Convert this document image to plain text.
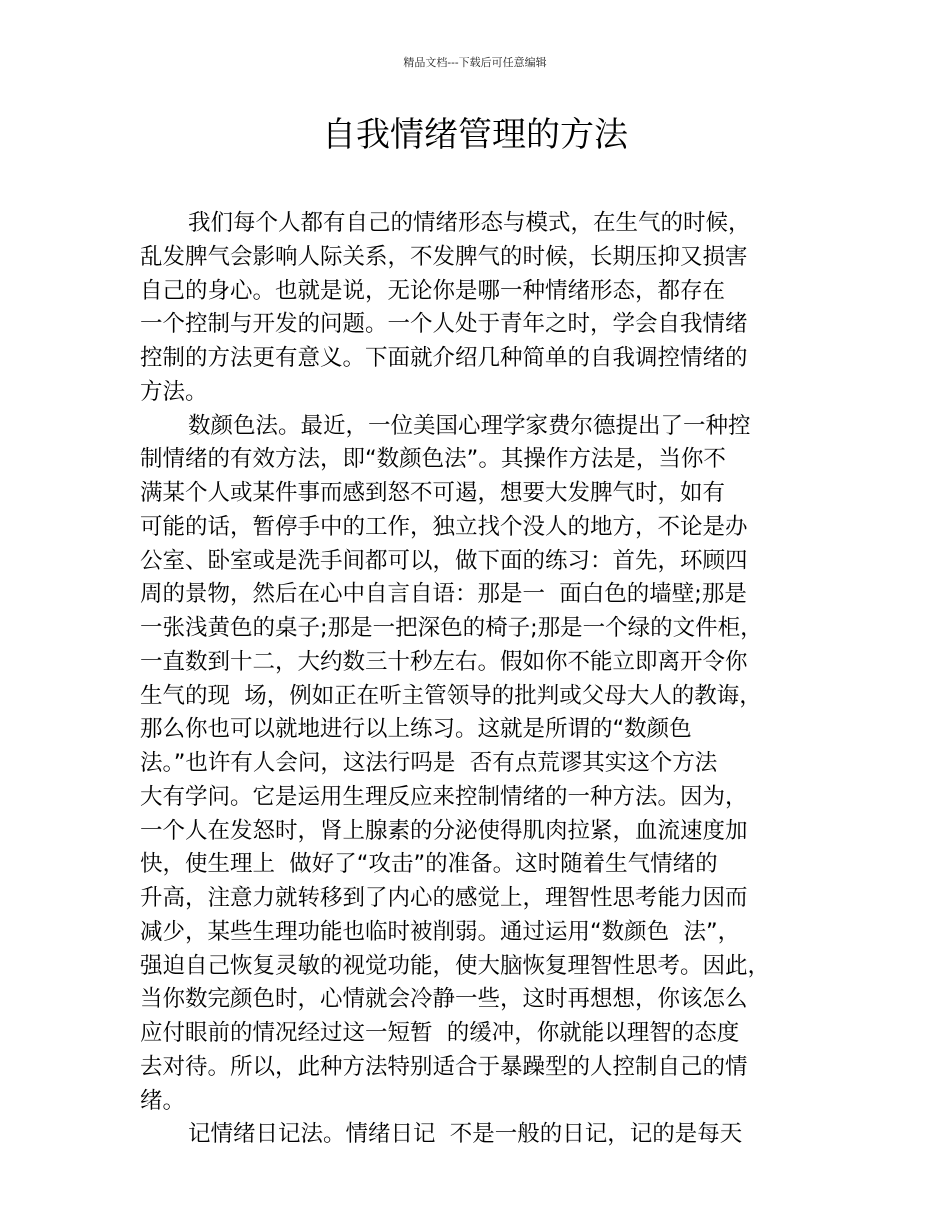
精品文档---下载后可任意编辑
自我情绪管理的方法
我们每个人都有自己的情绪形态与模式，在生气的时候，
乱发脾气会影响人际关系，不发脾气的时候，长期压抑又损害
自己的身心。也就是说，无论你是哪一种情绪形态，都存在
一个控制与开发的问题。一个人处于青年之时，学会自我情绪
控制的方法更有意义。下面就介绍几种简单的自我调控情绪的
方法。
数颜色法。最近，一位美国心理学家费尔德提出了一种控
制情绪的有效方法，即“数颜色法”。其操作方法是，当你不
满某个人或某件事而感到怒不可遏，想要大发脾气时，如有
可能的话，暂停手中的工作，独立找个没人的地方，不论是办
公室、卧室或是洗手间都可以，做下面的练习：首先，环顾四
周的景物，然后在心中自言自语：那是一  面白色的墙壁;那是
一张浅黄色的桌子;那是一把深色的椅子;那是一个绿的文件柜，
一直数到十二，大约数三十秒左右。假如你不能立即离开令你
生气的现  场，例如正在听主管领导的批判或父母大人的教诲，
那么你也可以就地进行以上练习。这就是所谓的“数颜色
法。”也许有人会问，这法行吗是  否有点荒谬其实这个方法
大有学问。它是运用生理反应来控制情绪的一种方法。因为，
一个人在发怒时，肾上腺素的分泌使得肌肉拉紧，血流速度加
快，使生理上  做好了“攻击”的准备。这时随着生气情绪的
升高，注意力就转移到了内心的感觉上，理智性思考能力因而
减少，某些生理功能也临时被削弱。通过运用“数颜色  法”，
强迫自己恢复灵敏的视觉功能，使大脑恢复理智性思考。因此，
当你数完颜色时，心情就会冷静一些，这时再想想，你该怎么
应付眼前的情况经过这一短暂  的缓冲，你就能以理智的态度
去对待。所以，此种方法特别适合于暴躁型的人控制自己的情
绪。
记情绪日记法。情绪日记  不是一般的日记，记的是每天
